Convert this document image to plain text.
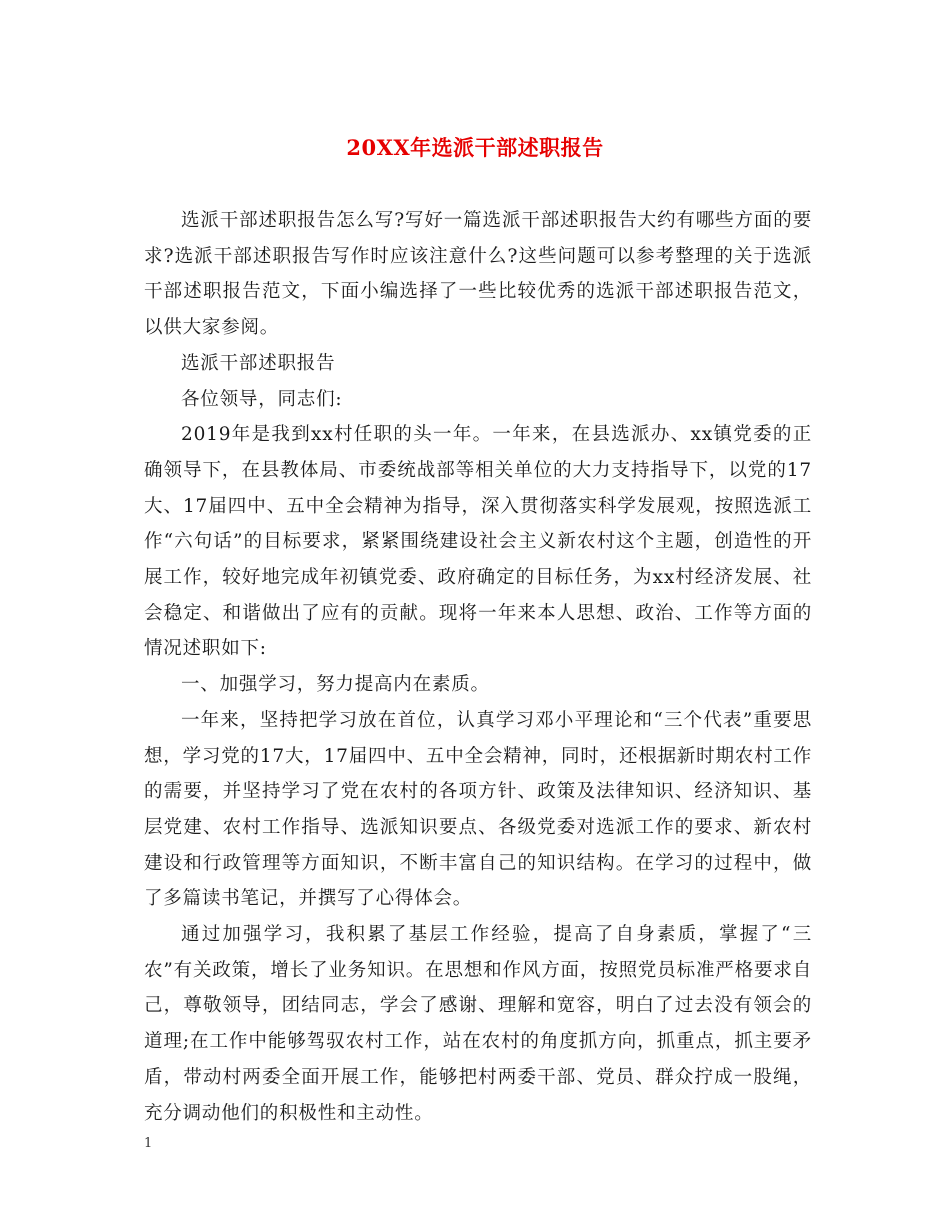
20XX年选派干部述职报告

选派干部述职报告怎么写?写好一篇选派干部述职报告大约有哪些方面的要求?选派干部述职报告写作时应该注意什么?这些问题可以参考整理的关于选派干部述职报告范文，下面小编选择了一些比较优秀的选派干部述职报告范文，以供大家参阅。

选派干部述职报告

各位领导，同志们:

2019年是我到xx村任职的头一年。一年来，在县选派办、xx镇党委的正确领导下，在县教体局、市委统战部等相关单位的大力支持指导下，以党的17大、17届四中、五中全会精神为指导，深入贯彻落实科学发展观，按照选派工作“六句话”的目标要求，紧紧围绕建设社会主义新农村这个主题，创造性的开展工作，较好地完成年初镇党委、政府确定的目标任务，为xx村经济发展、社会稳定、和谐做出了应有的贡献。现将一年来本人思想、政治、工作等方面的情况述职如下:

一、加强学习，努力提高内在素质。

一年来，坚持把学习放在首位，认真学习邓小平理论和“三个代表”重要思想，学习党的17大，17届四中、五中全会精神，同时，还根据新时期农村工作的需要，并坚持学习了党在农村的各项方针、政策及法律知识、经济知识、基层党建、农村工作指导、选派知识要点、各级党委对选派工作的要求、新农村建设和行政管理等方面知识，不断丰富自己的知识结构。在学习的过程中，做了多篇读书笔记，并撰写了心得体会。

通过加强学习，我积累了基层工作经验，提高了自身素质，掌握了“三农”有关政策，增长了业务知识。在思想和作风方面，按照党员标准严格要求自己，尊敬领导，团结同志，学会了感谢、理解和宽容，明白了过去没有领会的道理;在工作中能够驾驭农村工作，站在农村的角度抓方向，抓重点，抓主要矛盾，带动村两委全面开展工作，能够把村两委干部、党员、群众拧成一股绳，充分调动他们的积极性和主动性。

1
